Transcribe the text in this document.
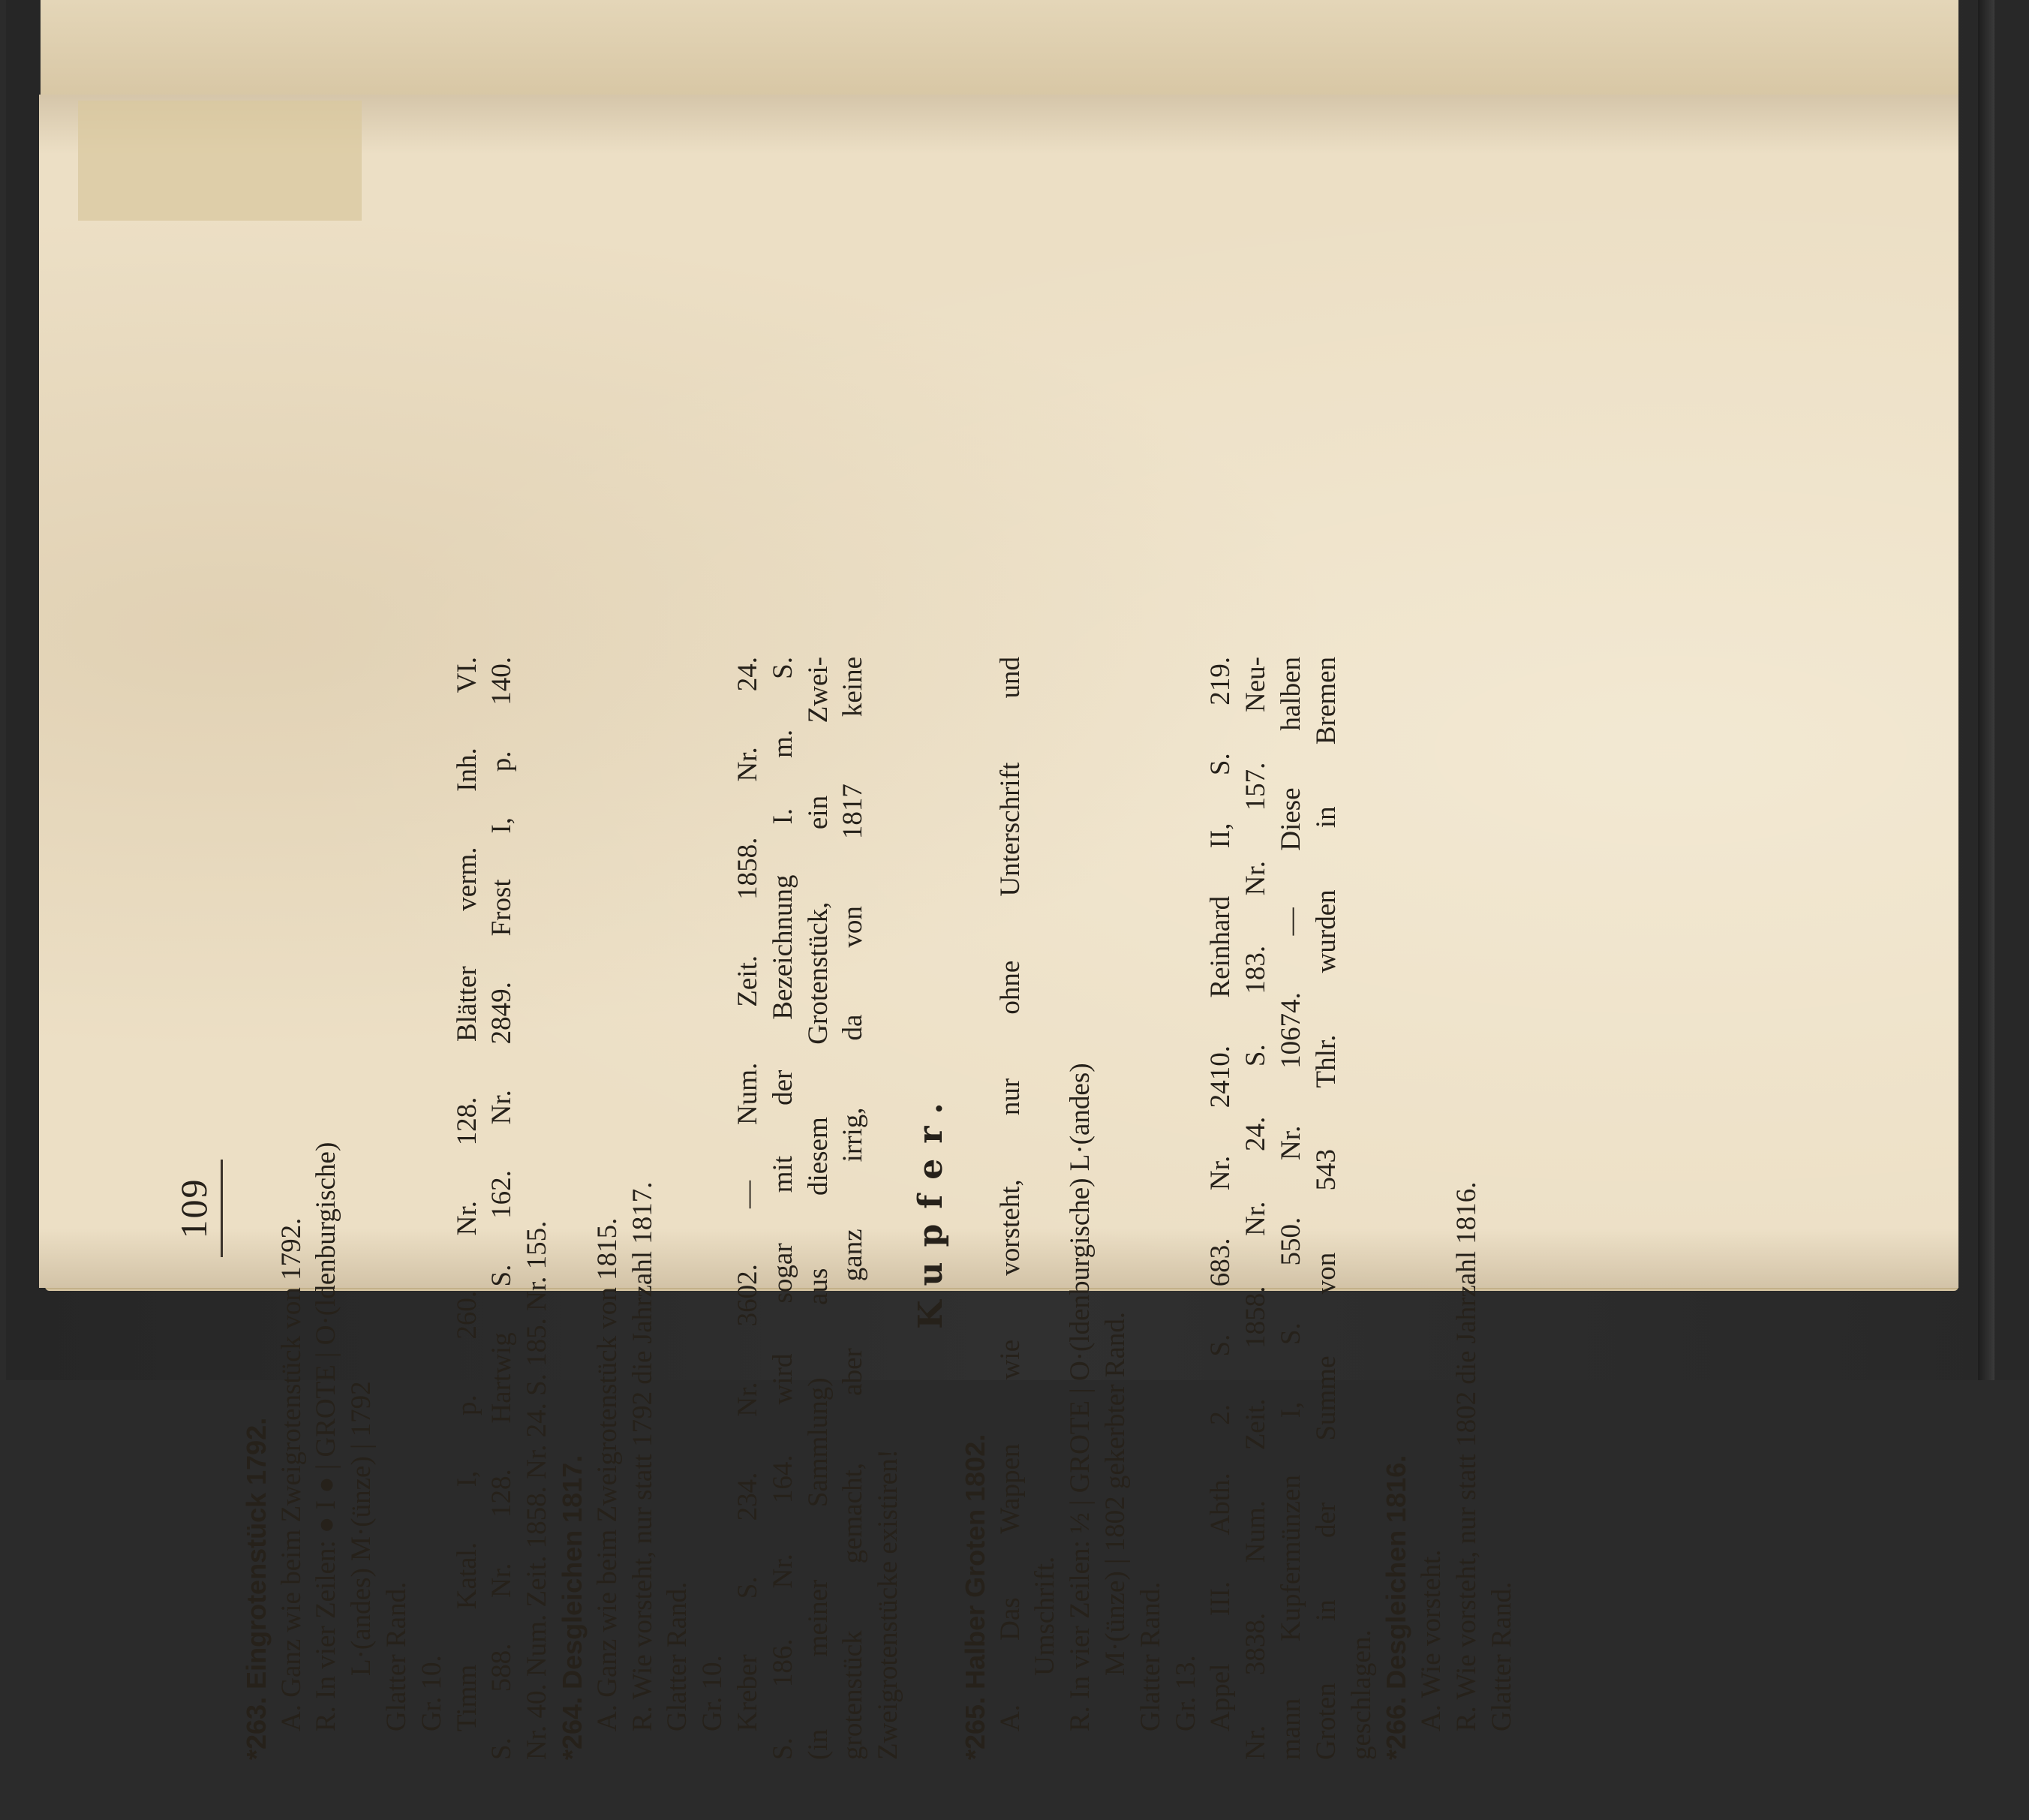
109
*263. Eingrotenstück 1792. A. Ganz wie beim Zweigrotenstück von 1792. R. In vier Zeilen: ● I ● | GROTE | O·(ldenburgische) L·(andes) M·(ünze) | 1792 Glatter Rand. Gr. 10. Timm Katal. I, p. 260. Nr. 128. Blätter verm. Inh. VI. S. 588. Nr. 128. Hartwig S. 162. Nr. 2849. Frost I, p. 140. Nr. 40. Num. Zeit. 1858. Nr. 24. S. 185. Nr. 155. *264. Desgleichen 1817. A. Ganz wie beim Zweigrotenstück von 1815. R. Wie vorsteht, nur statt 1792 die Jahrzahl 1817. Glatter Rand. Gr. 10. Kreber S. 234. Nr. 3602. — Num. Zeit. 1858. Nr. 24. S. 186. Nr. 164. wird sogar mit der Bezeichnung I. m. S. (in meiner Sammlung) aus diesem Grotenstück, ein Zwei- grotenstück gemacht, aber ganz irrig, da von 1817 keine Zweigrotenstücke existiren!
Kupfer.
*265. Halber Groten 1802. A. Das Wappen wie vorsteht, nur ohne Unterschrift und Umschrift. R. In vier Zeilen: ½ | GROTE | O·(ldenburgische) L·(andes) M·(ünze) | 1802 gekerbter Rand. Glatter Rand. Gr. 13. Appel III. Abth. 2. S. 683. Nr. 2410. Reinhard II, S. 219. Nr. 3838. Num. Zeit. 1858. Nr. 24. S. 183. Nr. 157. Neu- mann Kupfermünzen I, S. 550. Nr. 10674. — Diese halben Groten in der Summe von 543 Thlr. wurden in Bremen geschlagen. *266. Desgleichen 1816. A. Wie vorsteht. R. Wie vorsteht, nur statt 1802 die Jahrzahl 1816. Glatter Rand.
